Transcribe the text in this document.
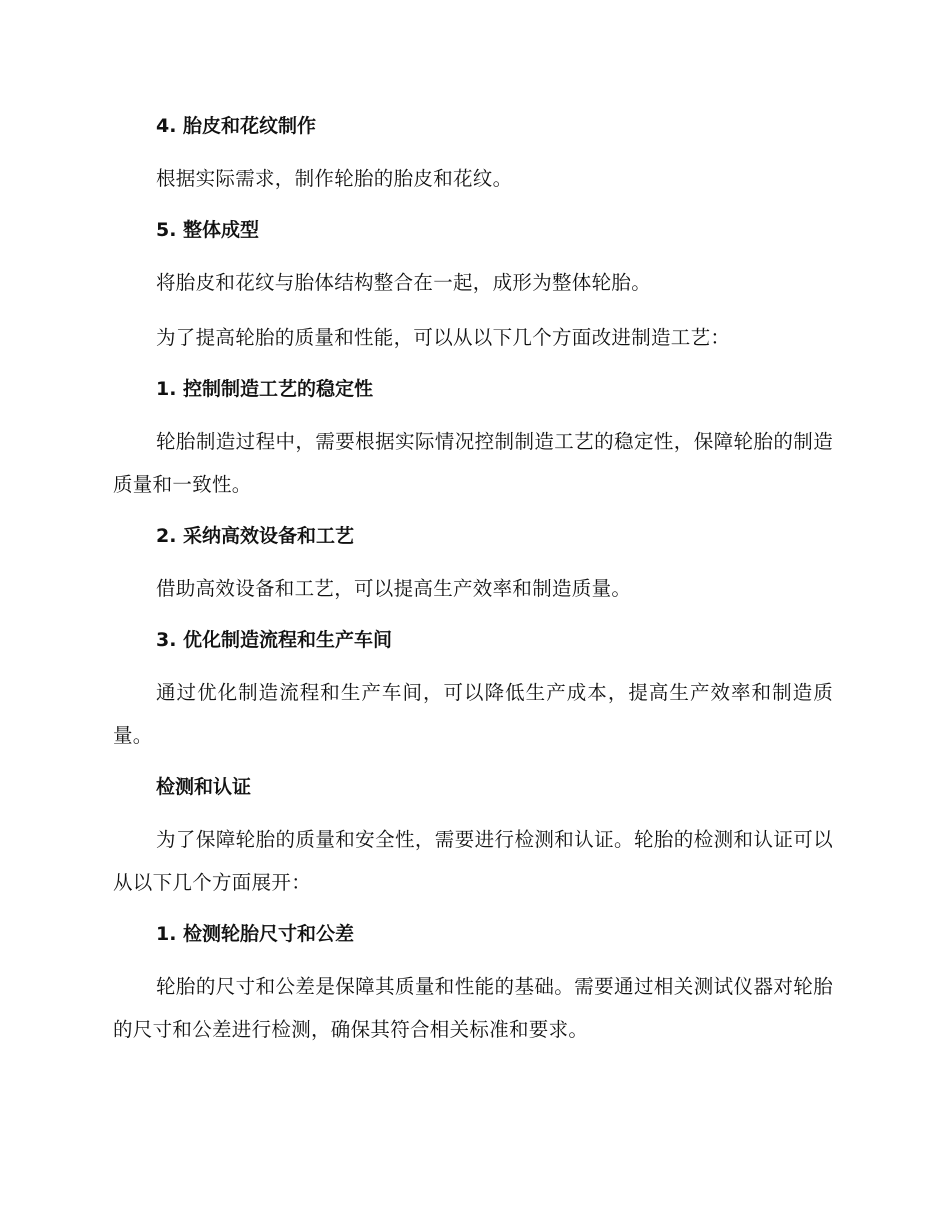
4. 胎皮和花纹制作

根据实际需求，制作轮胎的胎皮和花纹。

5. 整体成型

将胎皮和花纹与胎体结构整合在一起，成形为整体轮胎。

为了提高轮胎的质量和性能，可以从以下几个方面改进制造工艺：

1. 控制制造工艺的稳定性

轮胎制造过程中，需要根据实际情况控制制造工艺的稳定性，保障轮胎的制造质量和一致性。

2. 采纳高效设备和工艺

借助高效设备和工艺，可以提高生产效率和制造质量。

3. 优化制造流程和生产车间

通过优化制造流程和生产车间，可以降低生产成本，提高生产效率和制造质量。

检测和认证

为了保障轮胎的质量和安全性，需要进行检测和认证。轮胎的检测和认证可以从以下几个方面展开：

1. 检测轮胎尺寸和公差

轮胎的尺寸和公差是保障其质量和性能的基础。需要通过相关测试仪器对轮胎的尺寸和公差进行检测，确保其符合相关标准和要求。
